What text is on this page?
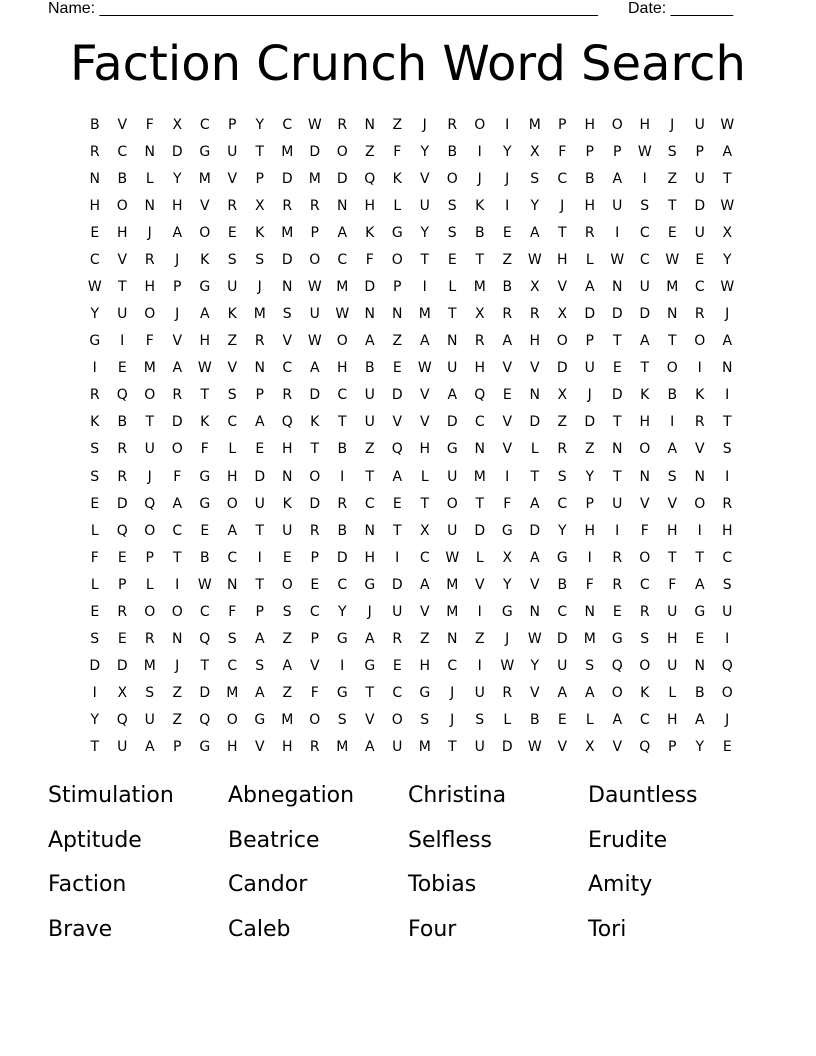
Name: ________________________________________________________ Date: _______
Faction Crunch Word Search
B	V	F	X	C	P	Y	C	W	R	N	Z	J	R	O	I	M	P	H	O	H	J	U	W
R	C	N	D	G	U	T	M	D	O	Z	F	Y	B	I	Y	X	F	P	P	W	S	P	A
N	B	L	Y	M	V	P	D	M	D	Q	K	V	O	J	J	S	C	B	A	I	Z	U	T
H	O	N	H	V	R	X	R	R	N	H	L	U	S	K	I	Y	J	H	U	S	T	D	W
E	H	J	A	O	E	K	M	P	A	K	G	Y	S	B	E	A	T	R	I	C	E	U	X
C	V	R	J	K	S	S	D	O	C	F	O	T	E	T	Z	W	H	L	W	C	W	E	Y
W	T	H	P	G	U	J	N	W	M	D	P	I	L	M	B	X	V	A	N	U	M	C	W
Y	U	O	J	A	K	M	S	U	W	N	N	M	T	X	R	R	X	D	D	D	N	R	J
G	I	F	V	H	Z	R	V	W	O	A	Z	A	N	R	A	H	O	P	T	A	T	O	A
I	E	M	A	W	V	N	C	A	H	B	E	W	U	H	V	V	D	U	E	T	O	I	N
R	Q	O	R	T	S	P	R	D	C	U	D	V	A	Q	E	N	X	J	D	K	B	K	I
K	B	T	D	K	C	A	Q	K	T	U	V	V	D	C	V	D	Z	D	T	H	I	R	T
S	R	U	O	F	L	E	H	T	B	Z	Q	H	G	N	V	L	R	Z	N	O	A	V	S
S	R	J	F	G	H	D	N	O	I	T	A	L	U	M	I	T	S	Y	T	N	S	N	I
E	D	Q	A	G	O	U	K	D	R	C	E	T	O	T	F	A	C	P	U	V	V	O	R
L	Q	O	C	E	A	T	U	R	B	N	T	X	U	D	G	D	Y	H	I	F	H	I	H
F	E	P	T	B	C	I	E	P	D	H	I	C	W	L	X	A	G	I	R	O	T	T	C
L	P	L	I	W	N	T	O	E	C	G	D	A	M	V	Y	V	B	F	R	C	F	A	S
E	R	O	O	C	F	P	S	C	Y	J	U	V	M	I	G	N	C	N	E	R	U	G	U
S	E	R	N	Q	S	A	Z	P	G	A	R	Z	N	Z	J	W	D	M	G	S	H	E	I
D	D	M	J	T	C	S	A	V	I	G	E	H	C	I	W	Y	U	S	Q	O	U	N	Q
I	X	S	Z	D	M	A	Z	F	G	T	C	G	J	U	R	V	A	A	O	K	L	B	O
Y	Q	U	Z	Q	O	G	M	O	S	V	O	S	J	S	L	B	E	L	A	C	H	A	J
T	U	A	P	G	H	V	H	R	M	A	U	M	T	U	D	W	V	X	V	Q	P	Y	E
Stimulation	Abnegation	Christina	Dauntless
Aptitude	Beatrice	Selfless	Erudite
Faction	Candor	Tobias	Amity
Brave	Caleb	Four	Tori
